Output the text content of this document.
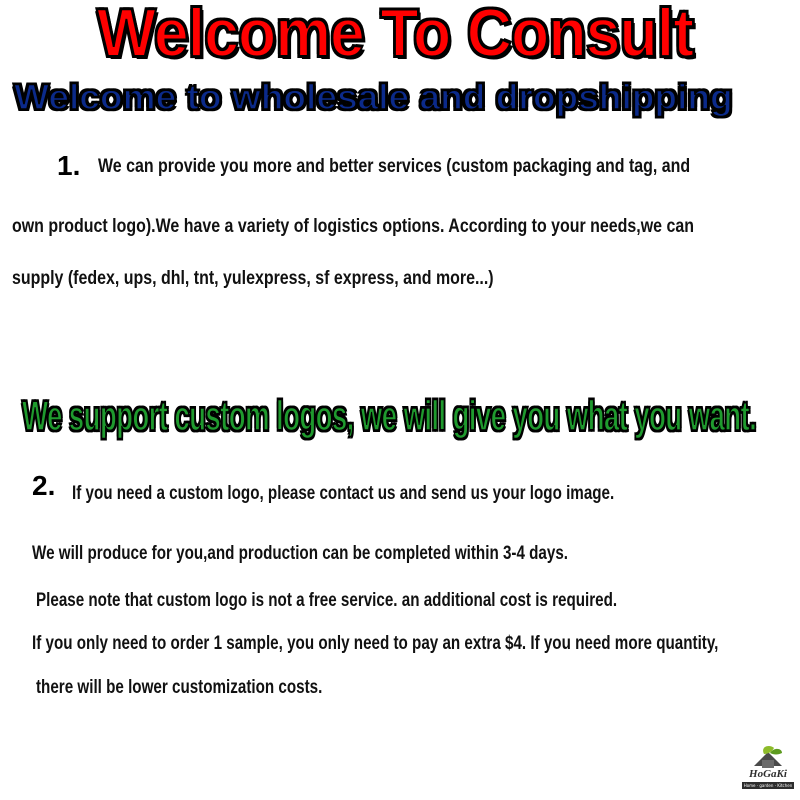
Welcome To Consult
Welcome to wholesale and dropshipping
1. We can provide you more and better services (custom packaging and tag, and
own product logo).We have a variety of logistics options. According to your needs,we can
supply (fedex, ups, dhl, tnt, yulexpress, sf express, and more...)
We support custom logos, we will give you what you want.
2. If you need a custom logo, please contact us and send us your logo image.
We will produce for you,and production can be completed within 3-4 days.
Please note that custom logo is not a free service. an additional cost is required.
If you only need to order 1 sample, you only need to pay an extra $4. If you need more quantity,
there will be lower customization costs.
HoGaKi
Home · garden · Kitchen
